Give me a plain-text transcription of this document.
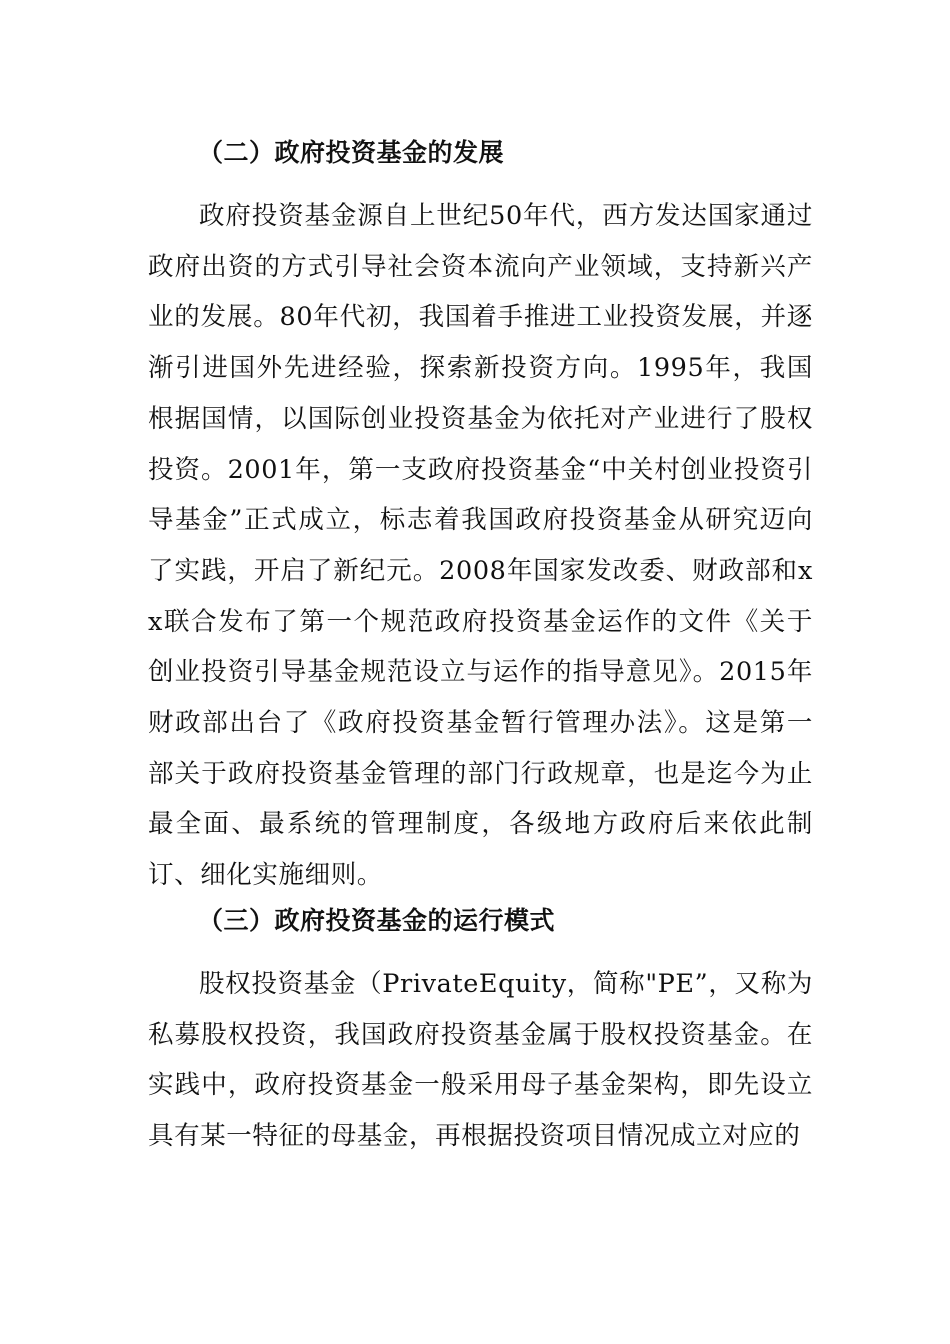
（二）政府投资基金的发展

政府投资基金源自上世纪50年代，西方发达国家通过政府出资的方式引导社会资本流向产业领域，支持新兴产业的发展。80年代初，我国着手推进工业投资发展，并逐渐引进国外先进经验，探索新投资方向。1995年，我国根据国情，以国际创业投资基金为依托对产业进行了股权投资。2001年，第一支政府投资基金“中关村创业投资引导基金”正式成立，标志着我国政府投资基金从研究迈向了实践，开启了新纪元。2008年国家发改委、财政部和xx联合发布了第一个规范政府投资基金运作的文件《关于创业投资引导基金规范设立与运作的指导意见》。2015年财政部出台了《政府投资基金暂行管理办法》。这是第一部关于政府投资基金管理的部门行政规章，也是迄今为止最全面、最系统的管理制度，各级地方政府后来依此制订、细化实施细则。

（三）政府投资基金的运行模式

股权投资基金（PrivateEquity，简称"PE”，又称为私募股权投资，我国政府投资基金属于股权投资基金。在实践中，政府投资基金一般采用母子基金架构，即先设立具有某一特征的母基金，再根据投资项目情况成立对应的
